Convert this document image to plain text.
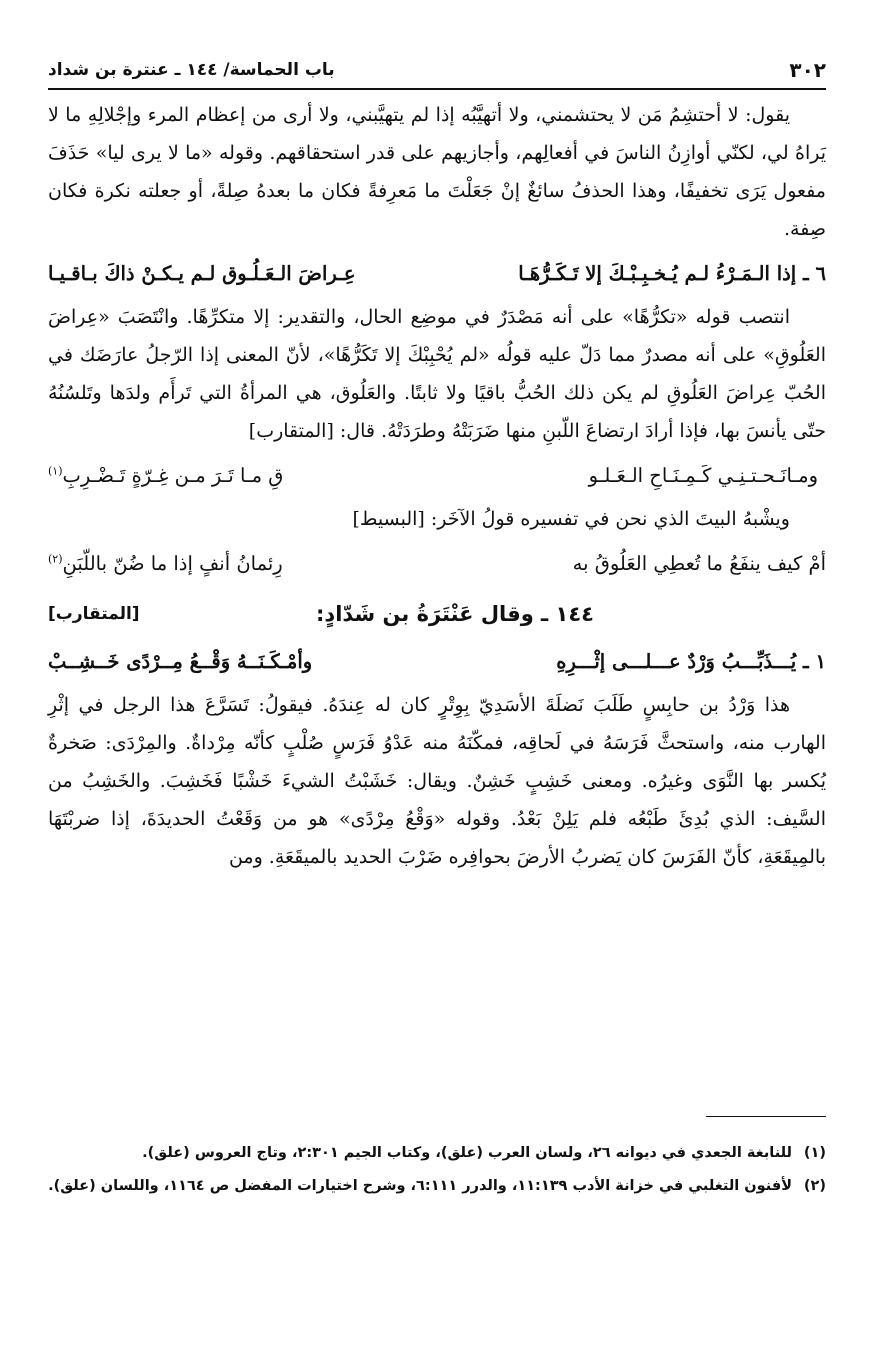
٣٠٢
باب الحماسة/ ١٤٤ ـ عنترة بن شداد

يقول: لا أحتشِمُ مَن لا يحتشمني، ولا أتهيَّبُه إذا لم يتهيَّبني، ولا أرى من إعظام المرء وإجْلالِهِ ما لا يَراهُ لي، لكنّي أوازِنُ الناسَ في أفعالِهم، وأجازيهم على قدر استحقاقهم. وقوله «ما لا يرى ليا» حَذَفَ مفعول يَرَى تخفيفًا، وهذا الحذفُ سائغٌ إنْ جَعَلْتَ ما مَعرِفةً فكان ما بعدهُ صِلةً، أو جعلته نكرة فكان صِفة.

٦ ـ إذا الـمَـرْءُ لـم يُـخـبِـبْـكَ إلا تَـكَـرُّهَـا
عِـراضَ الـعَـلُـوق لـم يـكـنْ ذاكَ بـاقـيـا

انتصب قوله «تكرُّهًا» على أنه مَصْدَرٌ في موضِع الحال، والتقدير: إلا متكرِّهًا. وانْتَصَبَ «عِراضَ العَلُوقِ» على أنه مصدرٌ مما دَلّ عليه قولُه «لم يُحْبِبْكَ إلا تَكَرُّهًا»، لأنّ المعنى إذا الرّجلُ عارَضَك في الحُبّ عِراضَ العَلُوقِ لم يكن ذلك الحُبُّ باقيًا ولا ثابتًا. والعَلُوق، هي المرأةُ التي تَرأَم ولدَها وتَلسُنُهُ حتّى يأنسَ بها، فإذا أرادَ ارتضاعَ اللّبنِ منها ضَرَبَتْهُ وطرَدَتْهُ. قال: [المتقارب]

ومـانَـحـتـنِـي كَـمِـنَـاحِ الـعَـلـو
قِ مـا تَـرَ مـن غِـرّةٍ تَـضْـرِبِ$^{(١)}$

ويشْبهُ البيتَ الذي نحن في تفسيره قولُ الآخَر: [البسيط]

أمْ كيف ينفَعُ ما تُعطِي العَلُوقُ به
رِئمانُ أنفٍ إذا ما ضُنّ باللّبَنِ$^{(٢)}$
١٤٤ ـ وقال عَنْتَرَةُ بن شَدّادٍ:
[المتقارب]
١ ـ يُـــذَبِّـــبُ وَرْدٌ عـــلـــى إثْـــرِهِ
وأمْـكَـنَــهُ وَقْــعُ مِــرْدًى خَــشِــبْ

هذا وَرْدُ بن حابِسٍ طَلَبَ نَضلَةَ الأسَدِيّ بِوِتْرٍ كان له عِندَهُ. فيقولُ: تَسَرَّعَ هذا الرجل في إثْرِ الهارب منه، واستحثَّ فَرَسَهُ في لَحاقِه، فمكّنَهُ منه عَدْوُ فَرَسٍ صُلْبٍ كأنّه مِرْداةٌ. والمِرْدَى: صَخرةٌ يُكسر بها النَّوَى وغيرُه. ومعنى خَشِبٍ خَشِنٌ. ويقال: خَشَبْتُ الشيءَ خَشْبًا فَخَشِبَ. والخَشِبُ من السَّيف: الذي بُدِئَ طَبْعُه فلم يَلِنْ بَعْدُ. وقوله «وَقْعُ مِرْدًى» هو من وَقَعْتُ الحديدَةَ، إذا ضربْتَهَا بالمِيقَعَةِ، كأنّ الفَرَسَ كان يَضربُ الأرضَ بحوافِره ضَرْبَ الحديد بالميقَعَةِ. ومن

(١)
للنابغة الجعدي في ديوانه ٢٦، ولسان العرب (علق)، وكتاب الجيم ٢:٣٠١، وتاج العروس (علق).
(٢)
لأفنون التغلبي في خزانة الأدب ١١:١٣٩، والدرر ٦:١١١، وشرح اختيارات المفضل ص ١١٦٤، واللسان (علق).
